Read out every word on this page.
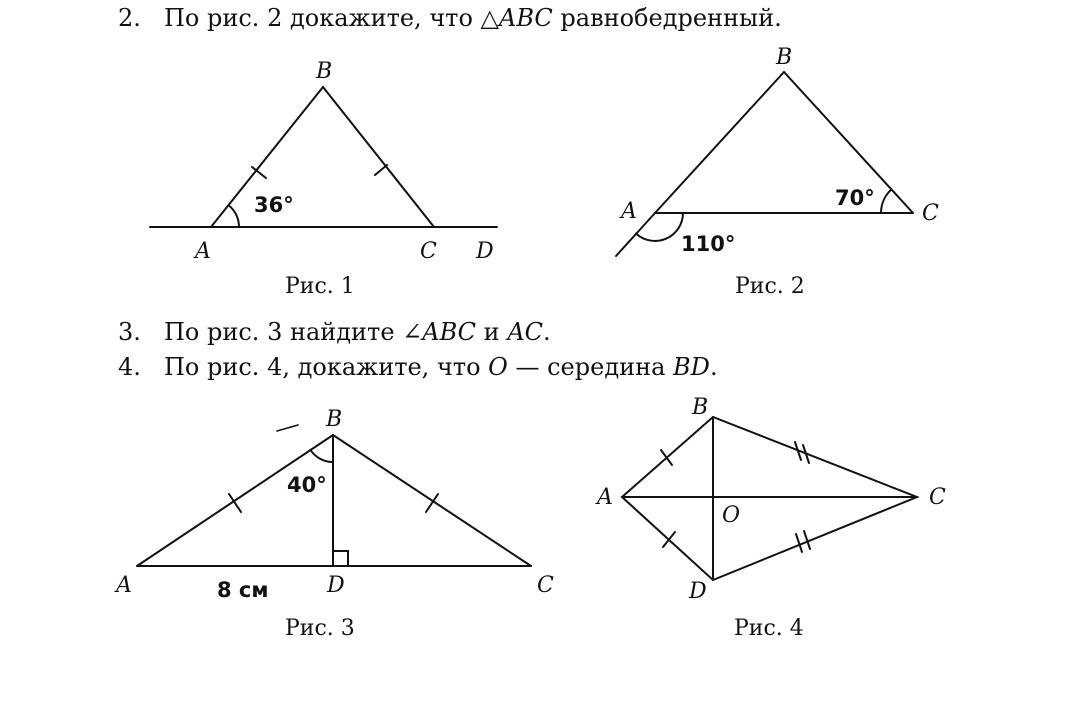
2. По рис. 2 докажите, что △ABC равнобедренный.
3. По рис. 3 найдите ∠ABC и AC.
4. По рис. 4, докажите, что O — середина BD.
B
A	C D
36°
Рис. 1
B
A	C
70°
110°
Рис. 2
B
A	D	C
40°
8 см
Рис. 3
B
A	C
D
O
Рис. 4
